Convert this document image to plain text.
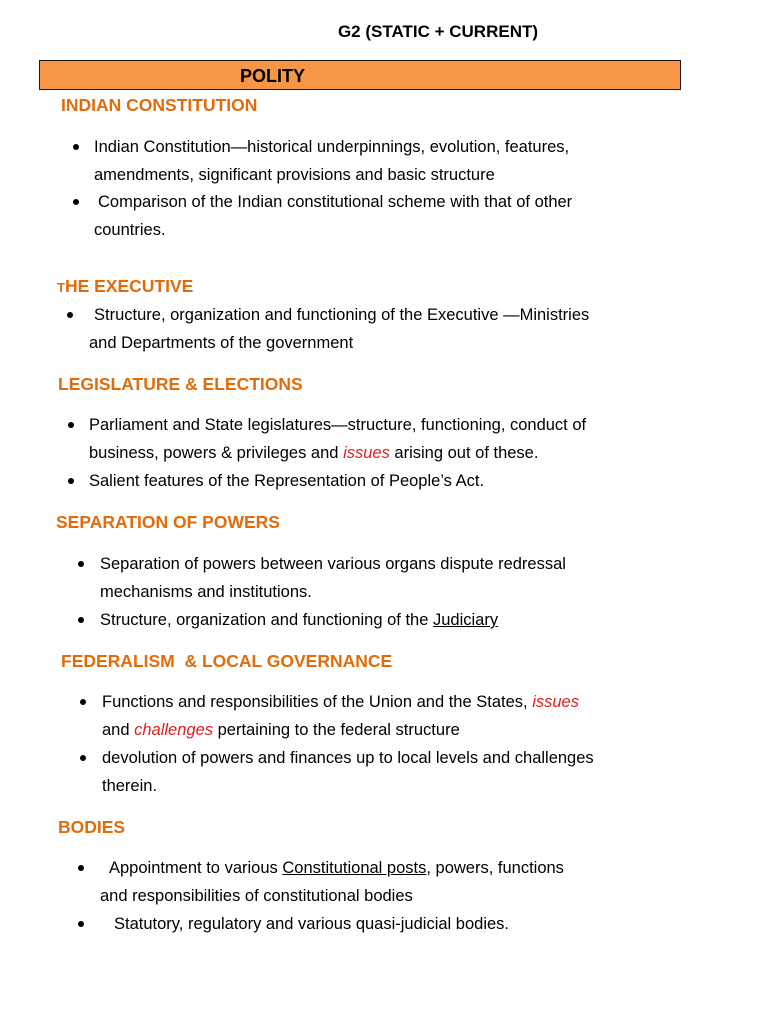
G2 (STATIC + CURRENT)
POLITY
INDIAN CONSTITUTION
Indian Constitution—historical underpinnings, evolution, features,
amendments, significant provisions and basic structure
Comparison of the Indian constitutional scheme with that of other
countries.
THE EXECUTIVE
Structure, organization and functioning of the Executive —Ministries
and Departments of the government
LEGISLATURE & ELECTIONS
Parliament and State legislatures—structure, functioning, conduct of
business, powers & privileges and issues arising out of these.
Salient features of the Representation of People’s Act.
SEPARATION OF POWERS
Separation of powers between various organs dispute redressal
mechanisms and institutions.
Structure, organization and functioning of the Judiciary
FEDERALISM  & LOCAL GOVERNANCE
Functions and responsibilities of the Union and the States, issues
and challenges pertaining to the federal structure
devolution of powers and finances up to local levels and challenges
therein.
BODIES
Appointment to various Constitutional posts, powers, functions
and responsibilities of constitutional bodies
Statutory, regulatory and various quasi-judicial bodies.
